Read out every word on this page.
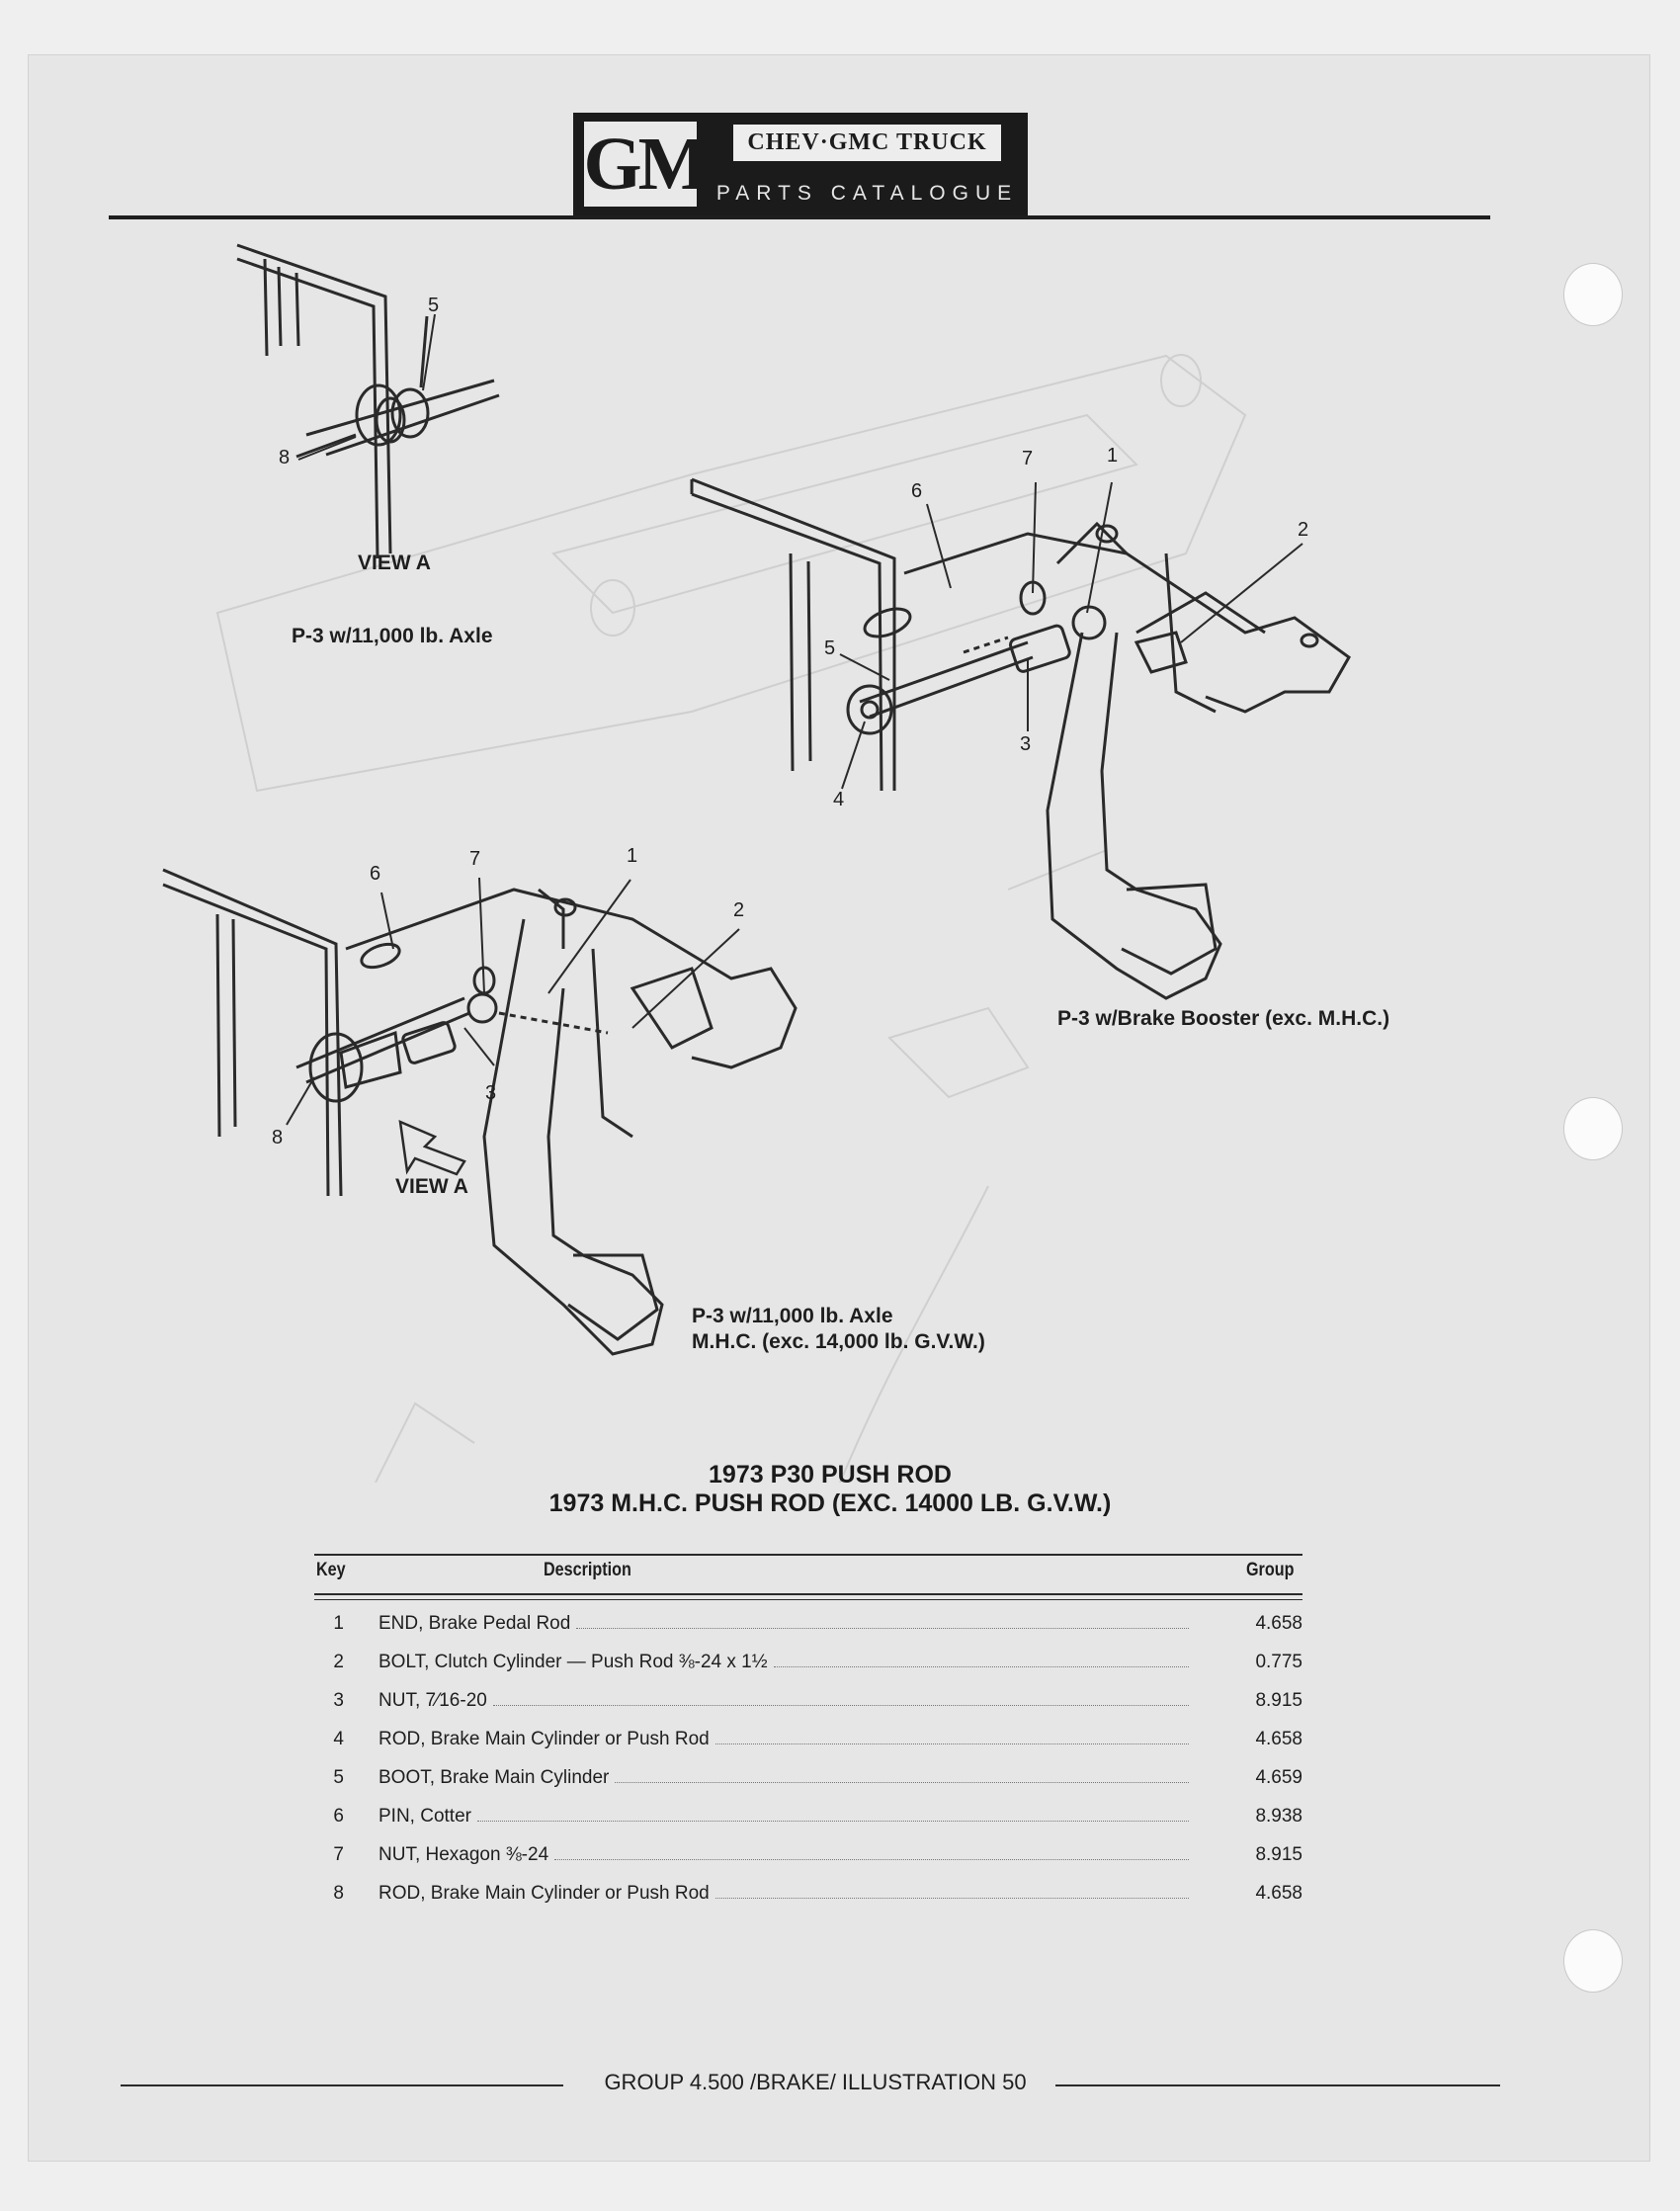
GM	CHEV·GMC TRUCK
PARTS CATALOGUE
5
8	7	1
6
2
5
3
4
6
7	1
2
3
8
VIEW A
P-3 w/11,000 lb. Axle
P-3 w/Brake Booster (exc. M.H.C.)
VIEW A
P-3 w/11,000 lb. Axle
M.H.C. (exc. 14,000 lb. G.V.W.)
1973 P30 PUSH ROD
1973 M.H.C. PUSH ROD (EXC. 14000 LB. G.V.W.)
Key	Description	Group
1 END, Brake Pedal Rod	4.658
2 BOLT, Clutch Cylinder — Push Rod ⅜-24 x 1½	0.775
3 NUT, 7⁄16-20	8.915
4 ROD, Brake Main Cylinder or Push Rod	4.658
5 BOOT, Brake Main Cylinder	4.659
6 PIN, Cotter	8.938
7 NUT, Hexagon ⅜-24	8.915
8 ROD, Brake Main Cylinder or Push Rod	4.658
GROUP 4.500 /BRAKE/ ILLUSTRATION 50
